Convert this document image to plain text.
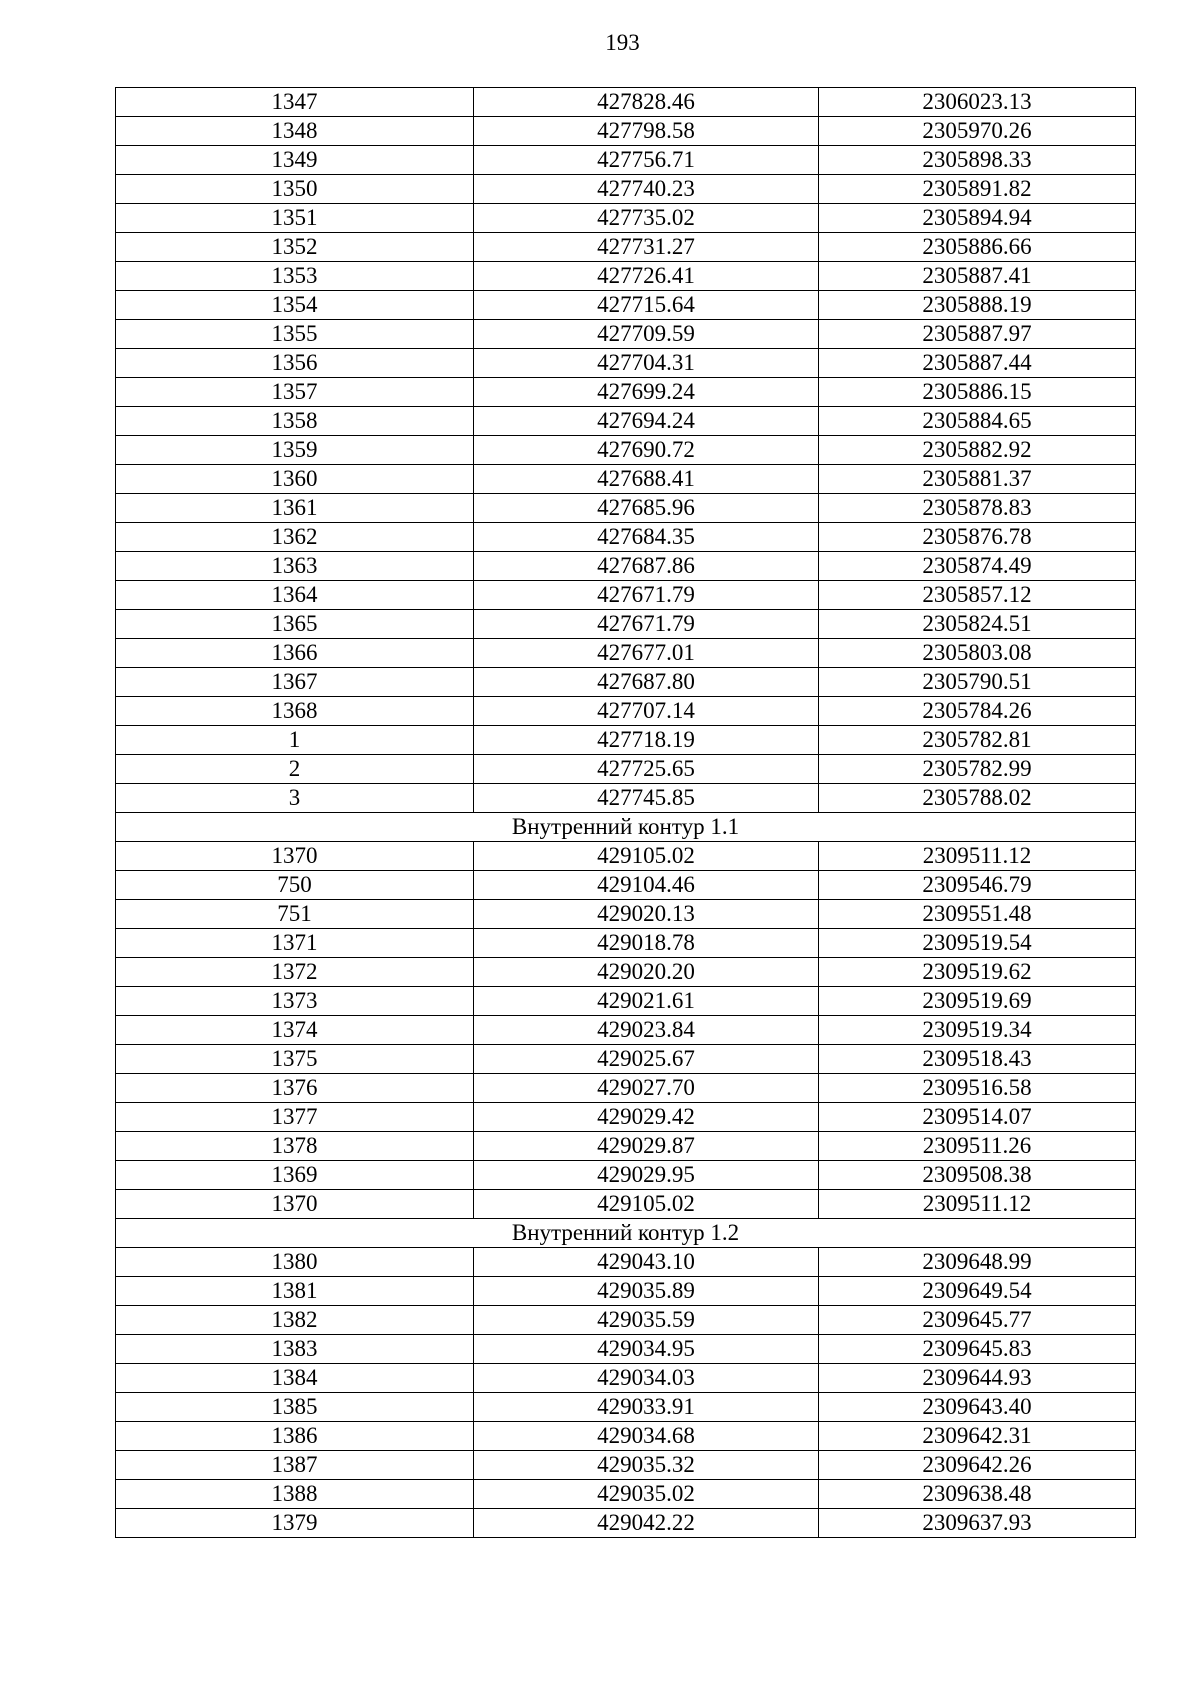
193
1347	427828.46	2306023.13
1348	427798.58	2305970.26
1349	427756.71	2305898.33
1350	427740.23	2305891.82
1351	427735.02	2305894.94
1352	427731.27	2305886.66
1353	427726.41	2305887.41
1354	427715.64	2305888.19
1355	427709.59	2305887.97
1356	427704.31	2305887.44
1357	427699.24	2305886.15
1358	427694.24	2305884.65
1359	427690.72	2305882.92
1360	427688.41	2305881.37
1361	427685.96	2305878.83
1362	427684.35	2305876.78
1363	427687.86	2305874.49
1364	427671.79	2305857.12
1365	427671.79	2305824.51
1366	427677.01	2305803.08
1367	427687.80	2305790.51
1368	427707.14	2305784.26
1	427718.19	2305782.81
2	427725.65	2305782.99
3	427745.85	2305788.02
Внутренний контур 1.1		
1370	429105.02	2309511.12
750	429104.46	2309546.79
751	429020.13	2309551.48
1371	429018.78	2309519.54
1372	429020.20	2309519.62
1373	429021.61	2309519.69
1374	429023.84	2309519.34
1375	429025.67	2309518.43
1376	429027.70	2309516.58
1377	429029.42	2309514.07
1378	429029.87	2309511.26
1369	429029.95	2309508.38
1370	429105.02	2309511.12
Внутренний контур 1.2		
1380	429043.10	2309648.99
1381	429035.89	2309649.54
1382	429035.59	2309645.77
1383	429034.95	2309645.83
1384	429034.03	2309644.93
1385	429033.91	2309643.40
1386	429034.68	2309642.31
1387	429035.32	2309642.26
1388	429035.02	2309638.48
1379	429042.22	2309637.93
